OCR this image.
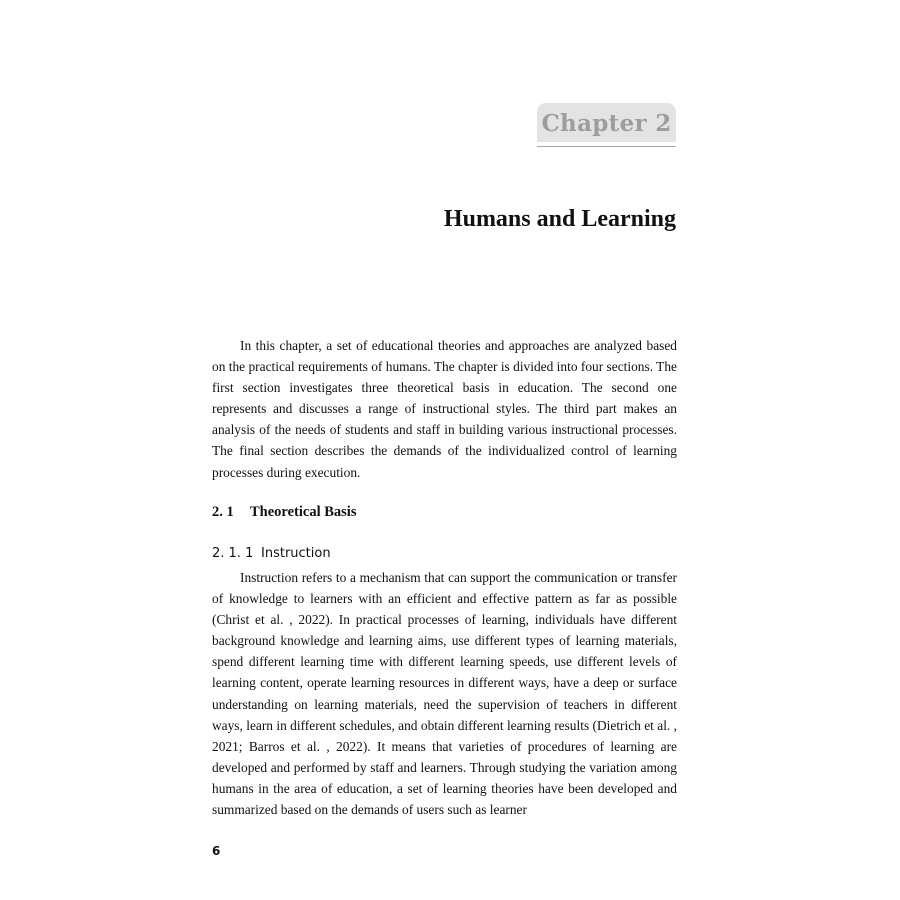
Chapter 2
Humans and Learning

In this chapter, a set of educational theories and approaches are analyzed based on the practical requirements of humans. The chapter is divided into four sections. The first section investigates three theoretical basis in education. The second one represents and discusses a range of instructional styles. The third part makes an analysis of the needs of students and staff in building various instructional processes. The final section describes the demands of the individualized control of learning processes during execution.

2. 1 Theoretical Basis
2. 1. 1 Instruction

Instruction refers to a mechanism that can support the communication or transfer of knowledge to learners with an efficient and effective pattern as far as possible (Christ et al. , 2022). In practical processes of learning, individuals have different background knowledge and learning aims, use different types of learning materials, spend different learning time with different learning speeds, use different levels of learning content, operate learning resources in different ways, have a deep or surface understanding on learning materials, need the supervision of teachers in different ways, learn in different schedules, and obtain different learning results (Dietrich et al. , 2021; Barros et al. , 2022). It means that varieties of procedures of learning are developed and performed by staff and learners. Through studying the variation among humans in the area of education, a set of learning theories have been developed and summarized based on the demands of users such as learner

6
